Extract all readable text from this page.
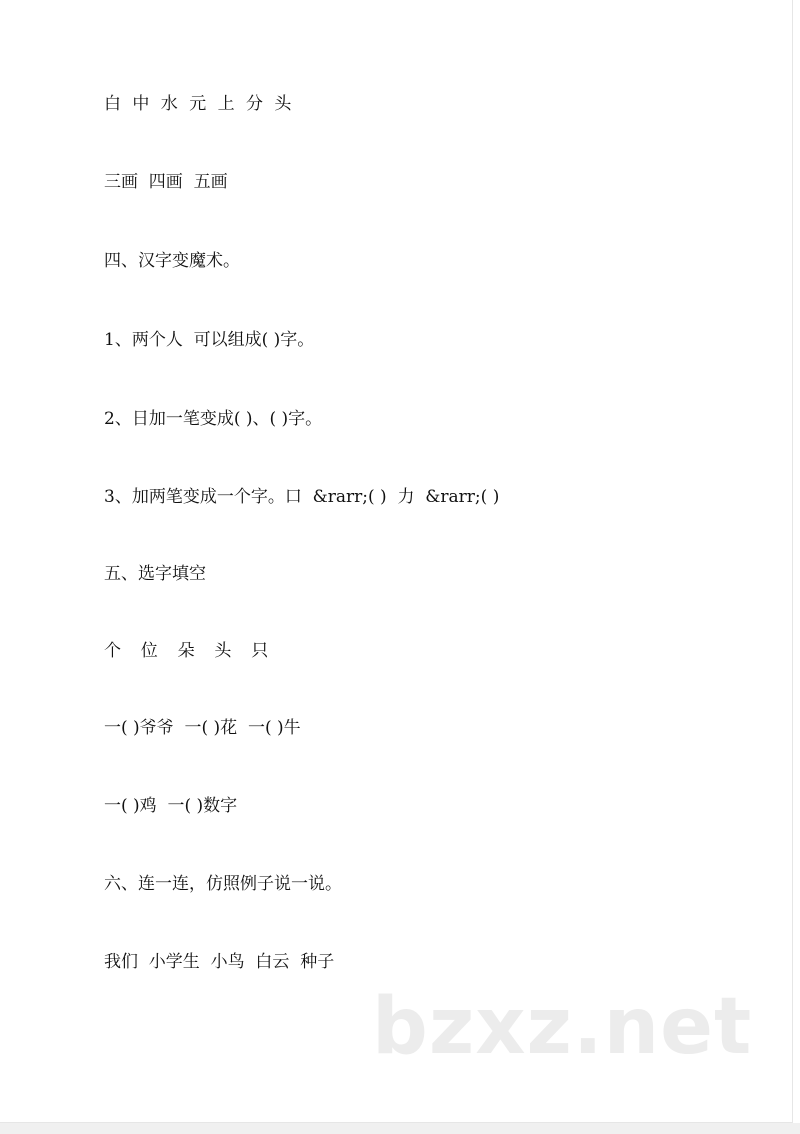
白 中 水 元 上 分 头
三画  四画  五画
四、汉字变魔术。
1、两个人  可以组成( )字。
2、日加一笔变成( )、( )字。
3、加两笔变成一个字。口  &rarr;( )  力  &rarr;( )
五、选字填空
个  位  朵  头  只
一( )爷爷  一( )花  一( )牛
一( )鸡  一( )数字
六、连一连，仿照例子说一说。
我们  小学生  小鸟  白云  种子
bzxz.net
